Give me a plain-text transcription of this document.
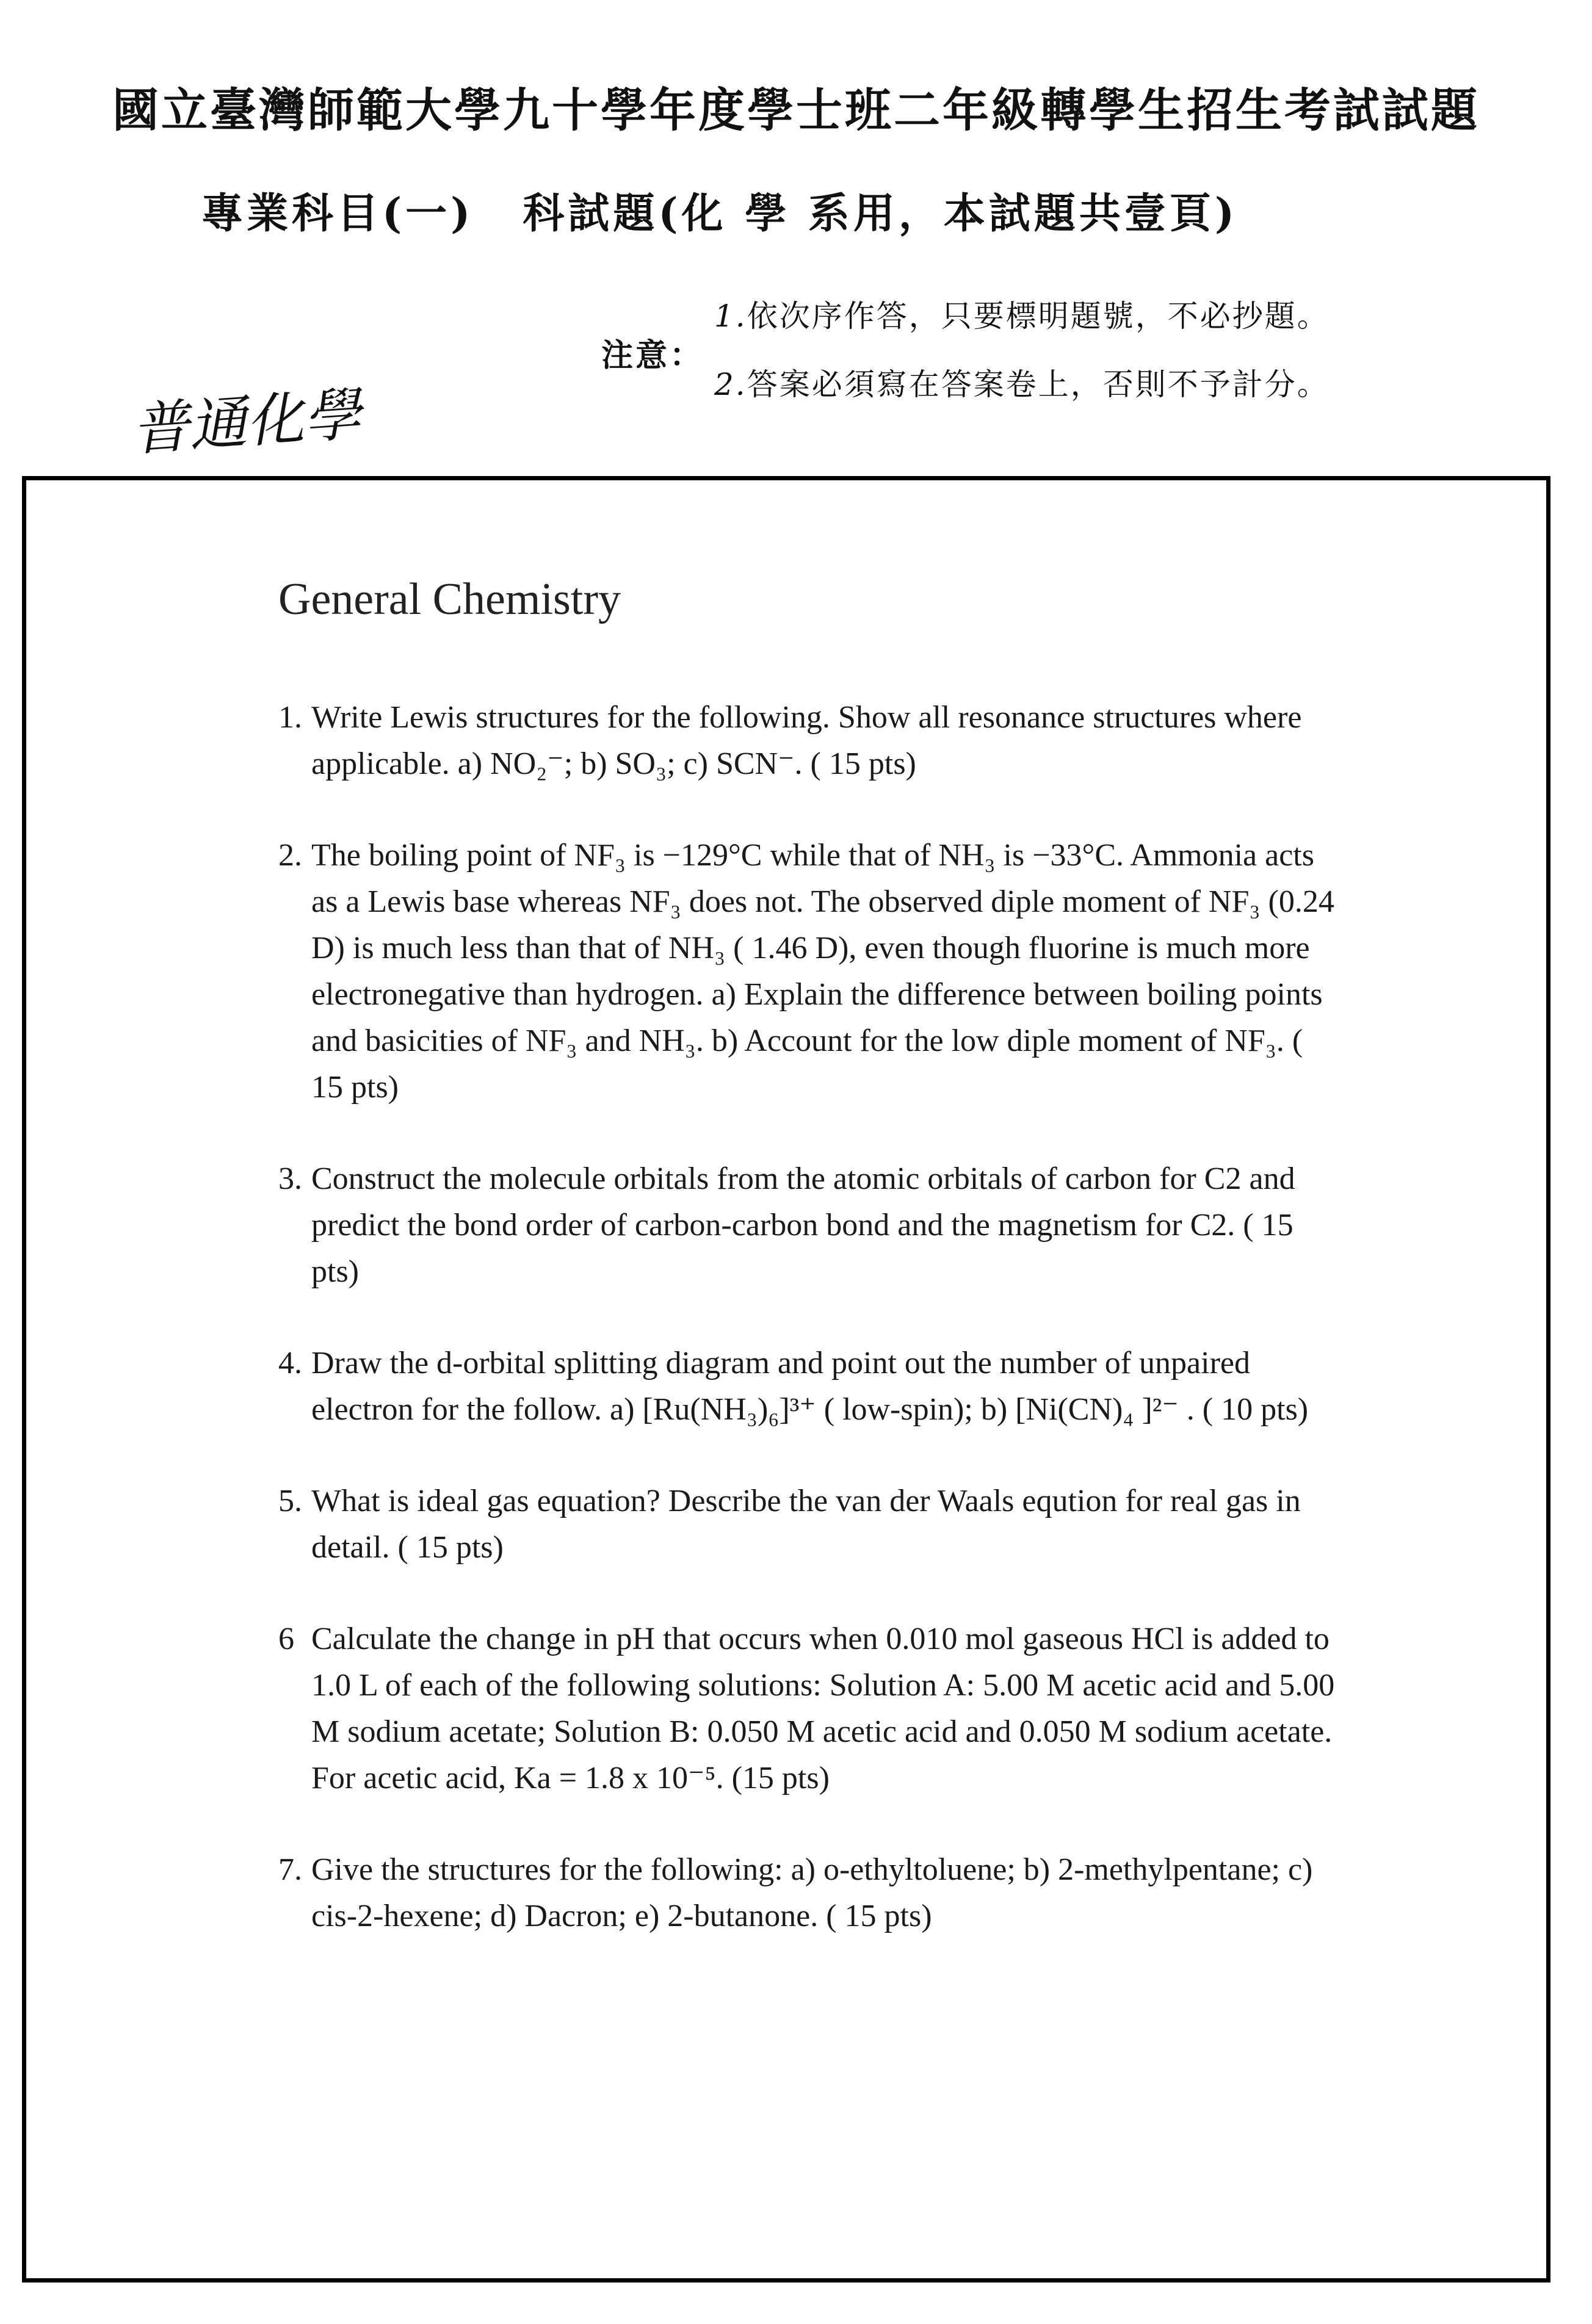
國立臺灣師範大學九十學年度學士班二年級轉學生招生考試試題
專業科目(一) 科試題(化 學 系用，本試題共壹頁)
注意：
1.依次序作答，只要標明題號，不必抄題。
2.答案必須寫在答案卷上，否則不予計分。
普通化學
General Chemistry
1. Write Lewis structures for the following. Show all resonance structures where applicable. a) NO₂⁻; b) SO₃; c) SCN⁻. ( 15 pts)
2. The boiling point of NF₃ is −129°C while that of NH₃ is −33°C. Ammonia acts as a Lewis base whereas NF₃ does not. The observed diple moment of NF₃ (0.24 D) is much less than that of NH₃ ( 1.46 D), even though fluorine is much more electronegative than hydrogen. a) Explain the difference between boiling points and basicities of NF₃ and NH₃. b) Account for the low diple moment of NF₃. ( 15 pts)
3. Construct the molecule orbitals from the atomic orbitals of carbon for C2 and predict the bond order of carbon-carbon bond and the magnetism for C2. ( 15 pts)
4. Draw the d-orbital splitting diagram and point out the number of unpaired electron for the follow. a) [Ru(NH₃)₆]³⁺ ( low-spin); b) [Ni(CN)₄ ]²⁻ . ( 10 pts)
5. What is ideal gas equation? Describe the van der Waals eqution for real gas in detail. ( 15 pts)
6 Calculate the change in pH that occurs when 0.010 mol gaseous HCl is added to 1.0 L of each of the following solutions: Solution A: 5.00 M acetic acid and 5.00 M sodium acetate; Solution B: 0.050 M acetic acid and 0.050 M sodium acetate. For acetic acid, Ka = 1.8 x 10⁻⁵. (15 pts)
7. Give the structures for the following: a) o-ethyltoluene; b) 2-methylpentane; c) cis-2-hexene; d) Dacron; e) 2-butanone. ( 15 pts)
